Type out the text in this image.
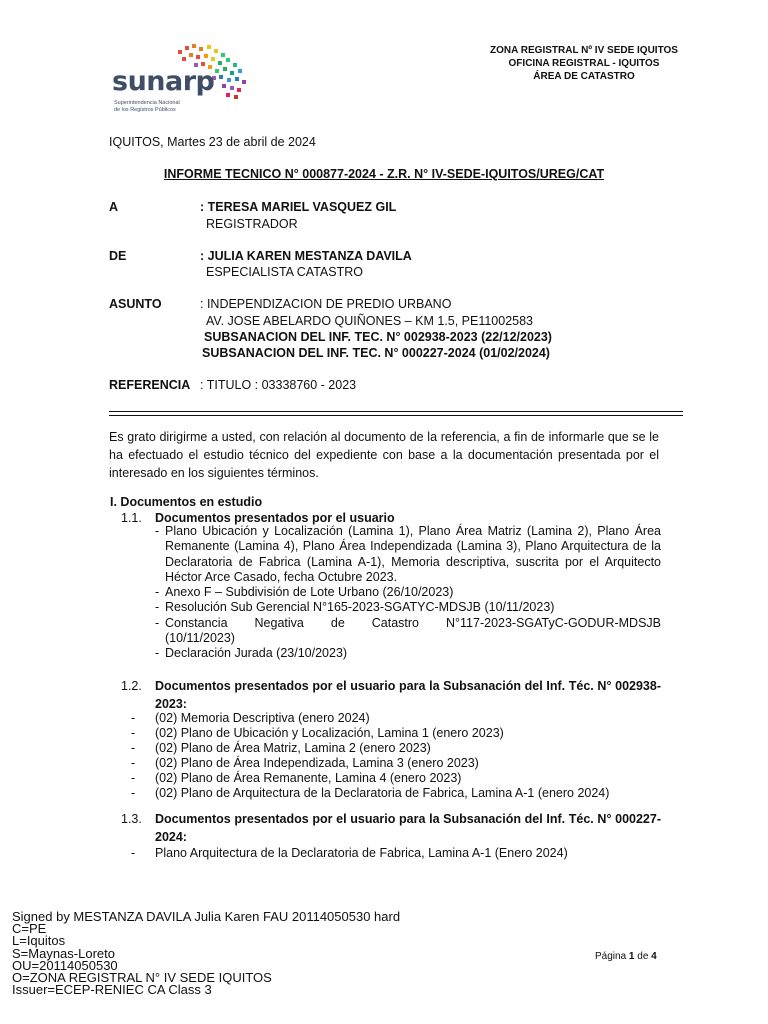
sunarp
Superintendencia Nacional
de los Registros Públicos
ZONA REGISTRAL Nº IV SEDE IQUITOS
OFICINA REGISTRAL - IQUITOS
ÁREA DE CATASTRO
IQUITOS, Martes 23 de abril de 2024
INFORME TECNICO N° 000877-2024 - Z.R. N° IV-SEDE-IQUITOS/UREG/CAT
A	: TERESA MARIEL VASQUEZ GIL
REGISTRADOR
DE	: JULIA KAREN MESTANZA DAVILA
ESPECIALISTA CATASTRO
ASUNTO	: INDEPENDIZACION DE PREDIO URBANO
AV. JOSE ABELARDO QUIÑONES – KM 1.5, PE11002583
SUBSANACION DEL INF. TEC. N° 002938-2023 (22/12/2023)
SUBSANACION DEL INF. TEC. N° 000227-2024 (01/02/2024)
REFERENCIA : TITULO : 03338760 - 2023
Es grato dirigirme a usted, con relación al documento de la referencia, a fin de informarle que se le ha efectuado el estudio técnico del expediente con base a la documentación presentada por el interesado en los siguientes términos.
I. Documentos en estudio
1.1. Documentos presentados por el usuario
- Plano Ubicación y Localización (Lamina 1), Plano Área Matriz (Lamina 2), Plano Área Remanente (Lamina 4), Plano Área Independizada (Lamina 3), Plano Arquitectura de la Declaratoria de Fabrica (Lamina A-1), Memoria descriptiva, suscrita por el Arquitecto Héctor Arce Casado, fecha Octubre 2023.
- Anexo F – Subdivisión de Lote Urbano (26/10/2023)
- Resolución Sub Gerencial N°165-2023-SGATYC-MDSJB (10/11/2023)
- Constancia Negativa de Catastro N°117-2023-SGATyC-GODUR-MDSJB (10/11/2023)
- Declaración Jurada (23/10/2023)
1.2. Documentos presentados por el usuario para la Subsanación del Inf. Téc. N° 002938-2023:
- (02) Memoria Descriptiva (enero 2024)
- (02) Plano de Ubicación y Localización, Lamina 1 (enero 2023)
- (02) Plano de Área Matriz, Lamina 2 (enero 2023)
- (02) Plano de Área Independizada, Lamina 3 (enero 2023)
- (02) Plano de Área Remanente, Lamina 4 (enero 2023)
- (02) Plano de Arquitectura de la Declaratoria de Fabrica, Lamina A-1 (enero 2024)
1.3. Documentos presentados por el usuario para la Subsanación del Inf. Téc. N° 000227-2024:
- Plano Arquitectura de la Declaratoria de Fabrica, Lamina A-1 (Enero 2024)
Signed by MESTANZA DAVILA Julia Karen FAU 20114050530 hard
C=PE
L=Iquitos
S=Maynas-Loreto
OU=20114050530
O=ZONA REGISTRAL N° IV SEDE IQUITOS
Issuer=ECEP-RENIEC CA Class 3
Página 1 de 4
